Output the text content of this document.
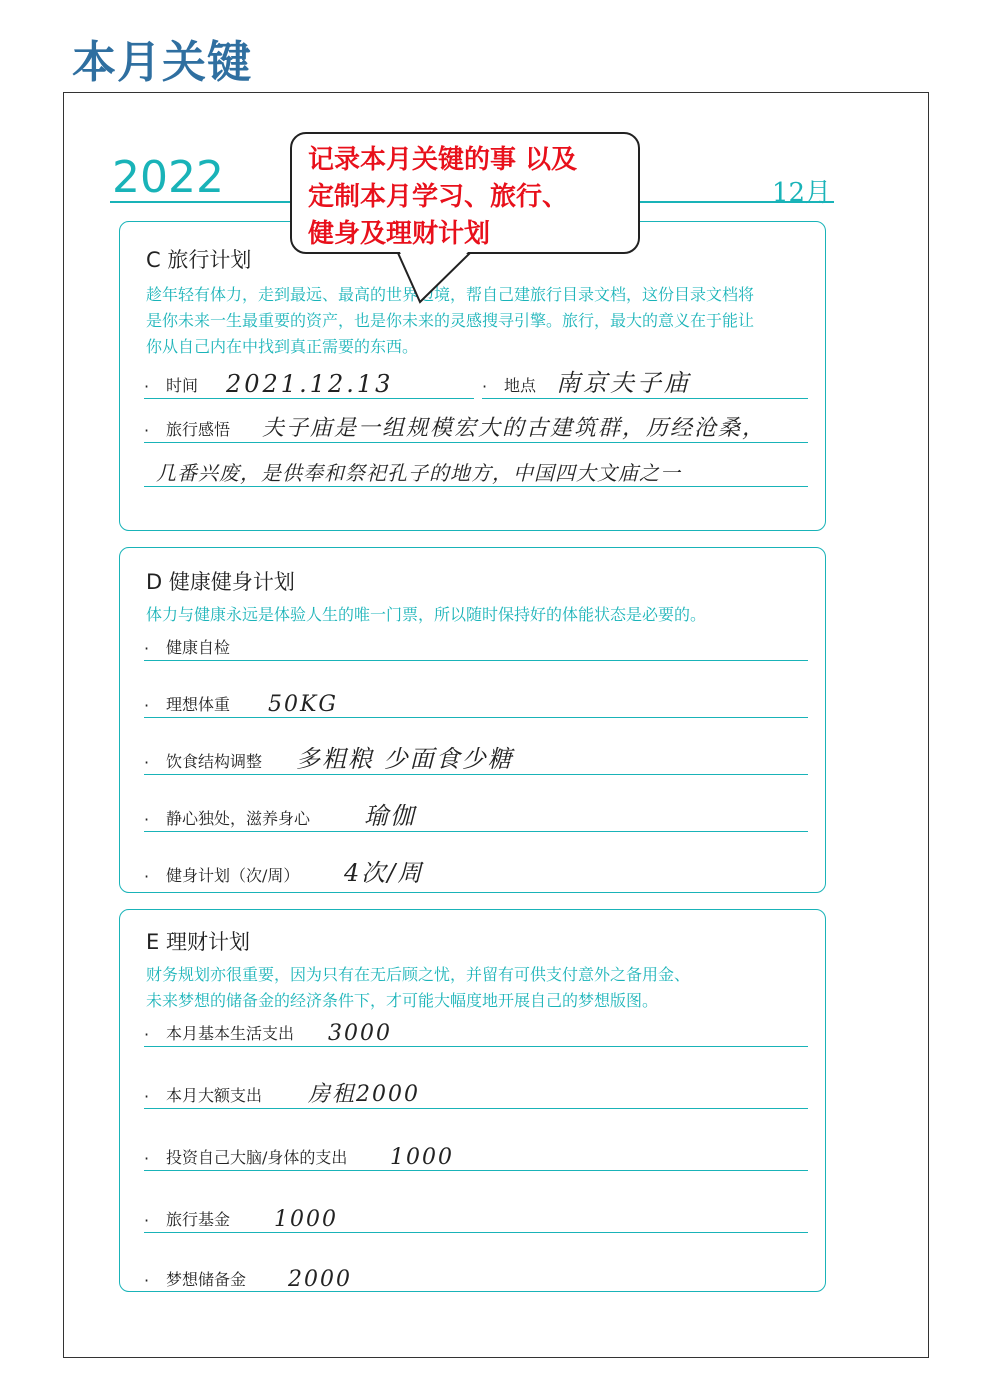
本月关键
2022	12月
记录本月关键的事 以及
定制本月学习、旅行、
健身及理财计划
C 旅行计划
趁年轻有体力，走到最远、最高的世界边境，帮自己建旅行目录文档，这份目录文档将
是你未来一生最重要的资产，也是你未来的灵感搜寻引擎。旅行，最大的意义在于能让
你从自己内在中找到真正需要的东西。
· 时间 2021.12.13	· 地点 南京夫子庙
· 旅行感悟 夫子庙是一组规模宏大的古建筑群，历经沧桑，
几番兴废，是供奉和祭祀孔子的地方，中国四大文庙之一
D 健康健身计划
体力与健康永远是体验人生的唯一门票，所以随时保持好的体能状态是必要的。
· 健康自检
· 理想体重 50KG
· 饮食结构调整 多粗粮 少面食少糖
· 静心独处，滋养身心 瑜伽
· 健身计划（次/周） 4次/周
E 理财计划
财务规划亦很重要，因为只有在无后顾之忧，并留有可供支付意外之备用金、
未来梦想的储备金的经济条件下，才可能大幅度地开展自己的梦想版图。
· 本月基本生活支出 3000
· 本月大额支出 房租2000
· 投资自己大脑/身体的支出 1000
· 旅行基金 1000
· 梦想储备金 2000
